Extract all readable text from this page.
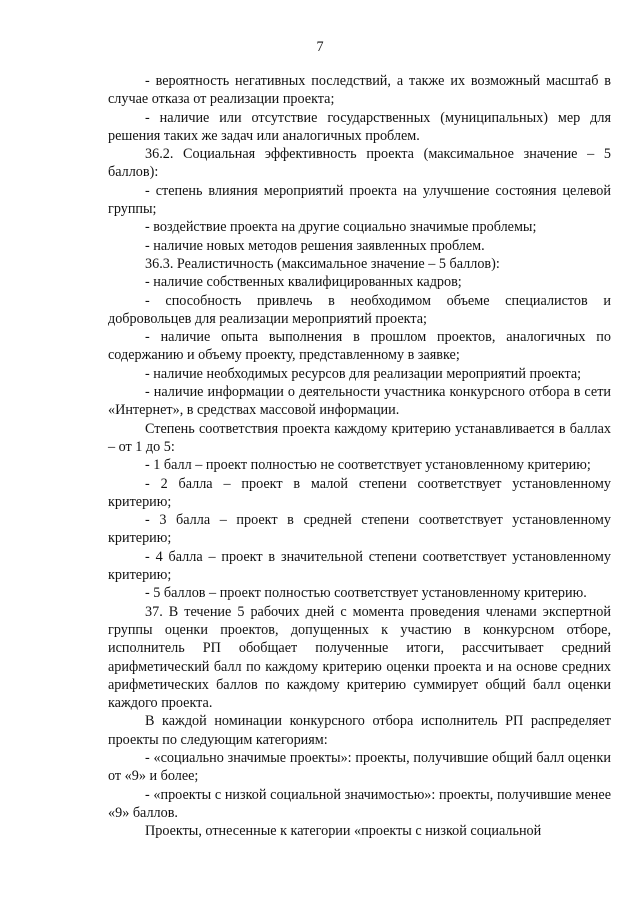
7

- вероятность негативных последствий, а также их возможный масштаб в случае отказа от реализации проекта;

- наличие или отсутствие государственных (муниципальных) мер для решения таких же задач или аналогичных проблем.

36.2. Социальная эффективность проекта (максимальное значение – 5 баллов):

- степень влияния мероприятий проекта на улучшение состояния целевой группы;

- воздействие проекта на другие социально значимые проблемы;

- наличие новых методов решения заявленных проблем.

36.3. Реалистичность (максимальное значение – 5 баллов):

- наличие собственных квалифицированных кадров;

- способность привлечь в необходимом объеме специалистов и добровольцев для реализации мероприятий проекта;

- наличие опыта выполнения в прошлом проектов, аналогичных по содержанию и объему проекту, представленному в заявке;

- наличие необходимых ресурсов для реализации мероприятий проекта;

- наличие информации о деятельности участника конкурсного отбора в сети «Интернет», в средствах массовой информации.

Степень соответствия проекта каждому критерию устанавливается в баллах – от 1 до 5:

- 1 балл – проект полностью не соответствует установленному критерию;

- 2 балла – проект в малой степени соответствует установленному критерию;

- 3 балла – проект в средней степени соответствует установленному критерию;

- 4 балла – проект в значительной степени соответствует установленному критерию;

- 5 баллов – проект полностью соответствует установленному критерию.

37. В течение 5 рабочих дней с момента проведения членами экспертной группы оценки проектов, допущенных к участию в конкурсном отборе, исполнитель РП обобщает полученные итоги, рассчитывает средний арифметический балл по каждому критерию оценки проекта и на основе средних арифметических баллов по каждому критерию суммирует общий балл оценки каждого проекта.

В каждой номинации конкурсного отбора исполнитель РП распределяет проекты по следующим категориям:

- «социально значимые проекты»: проекты, получившие общий балл оценки от «9» и более;

- «проекты с низкой социальной значимостью»: проекты, получившие менее «9» баллов.

Проекты, отнесенные к категории «проекты с низкой социальной
